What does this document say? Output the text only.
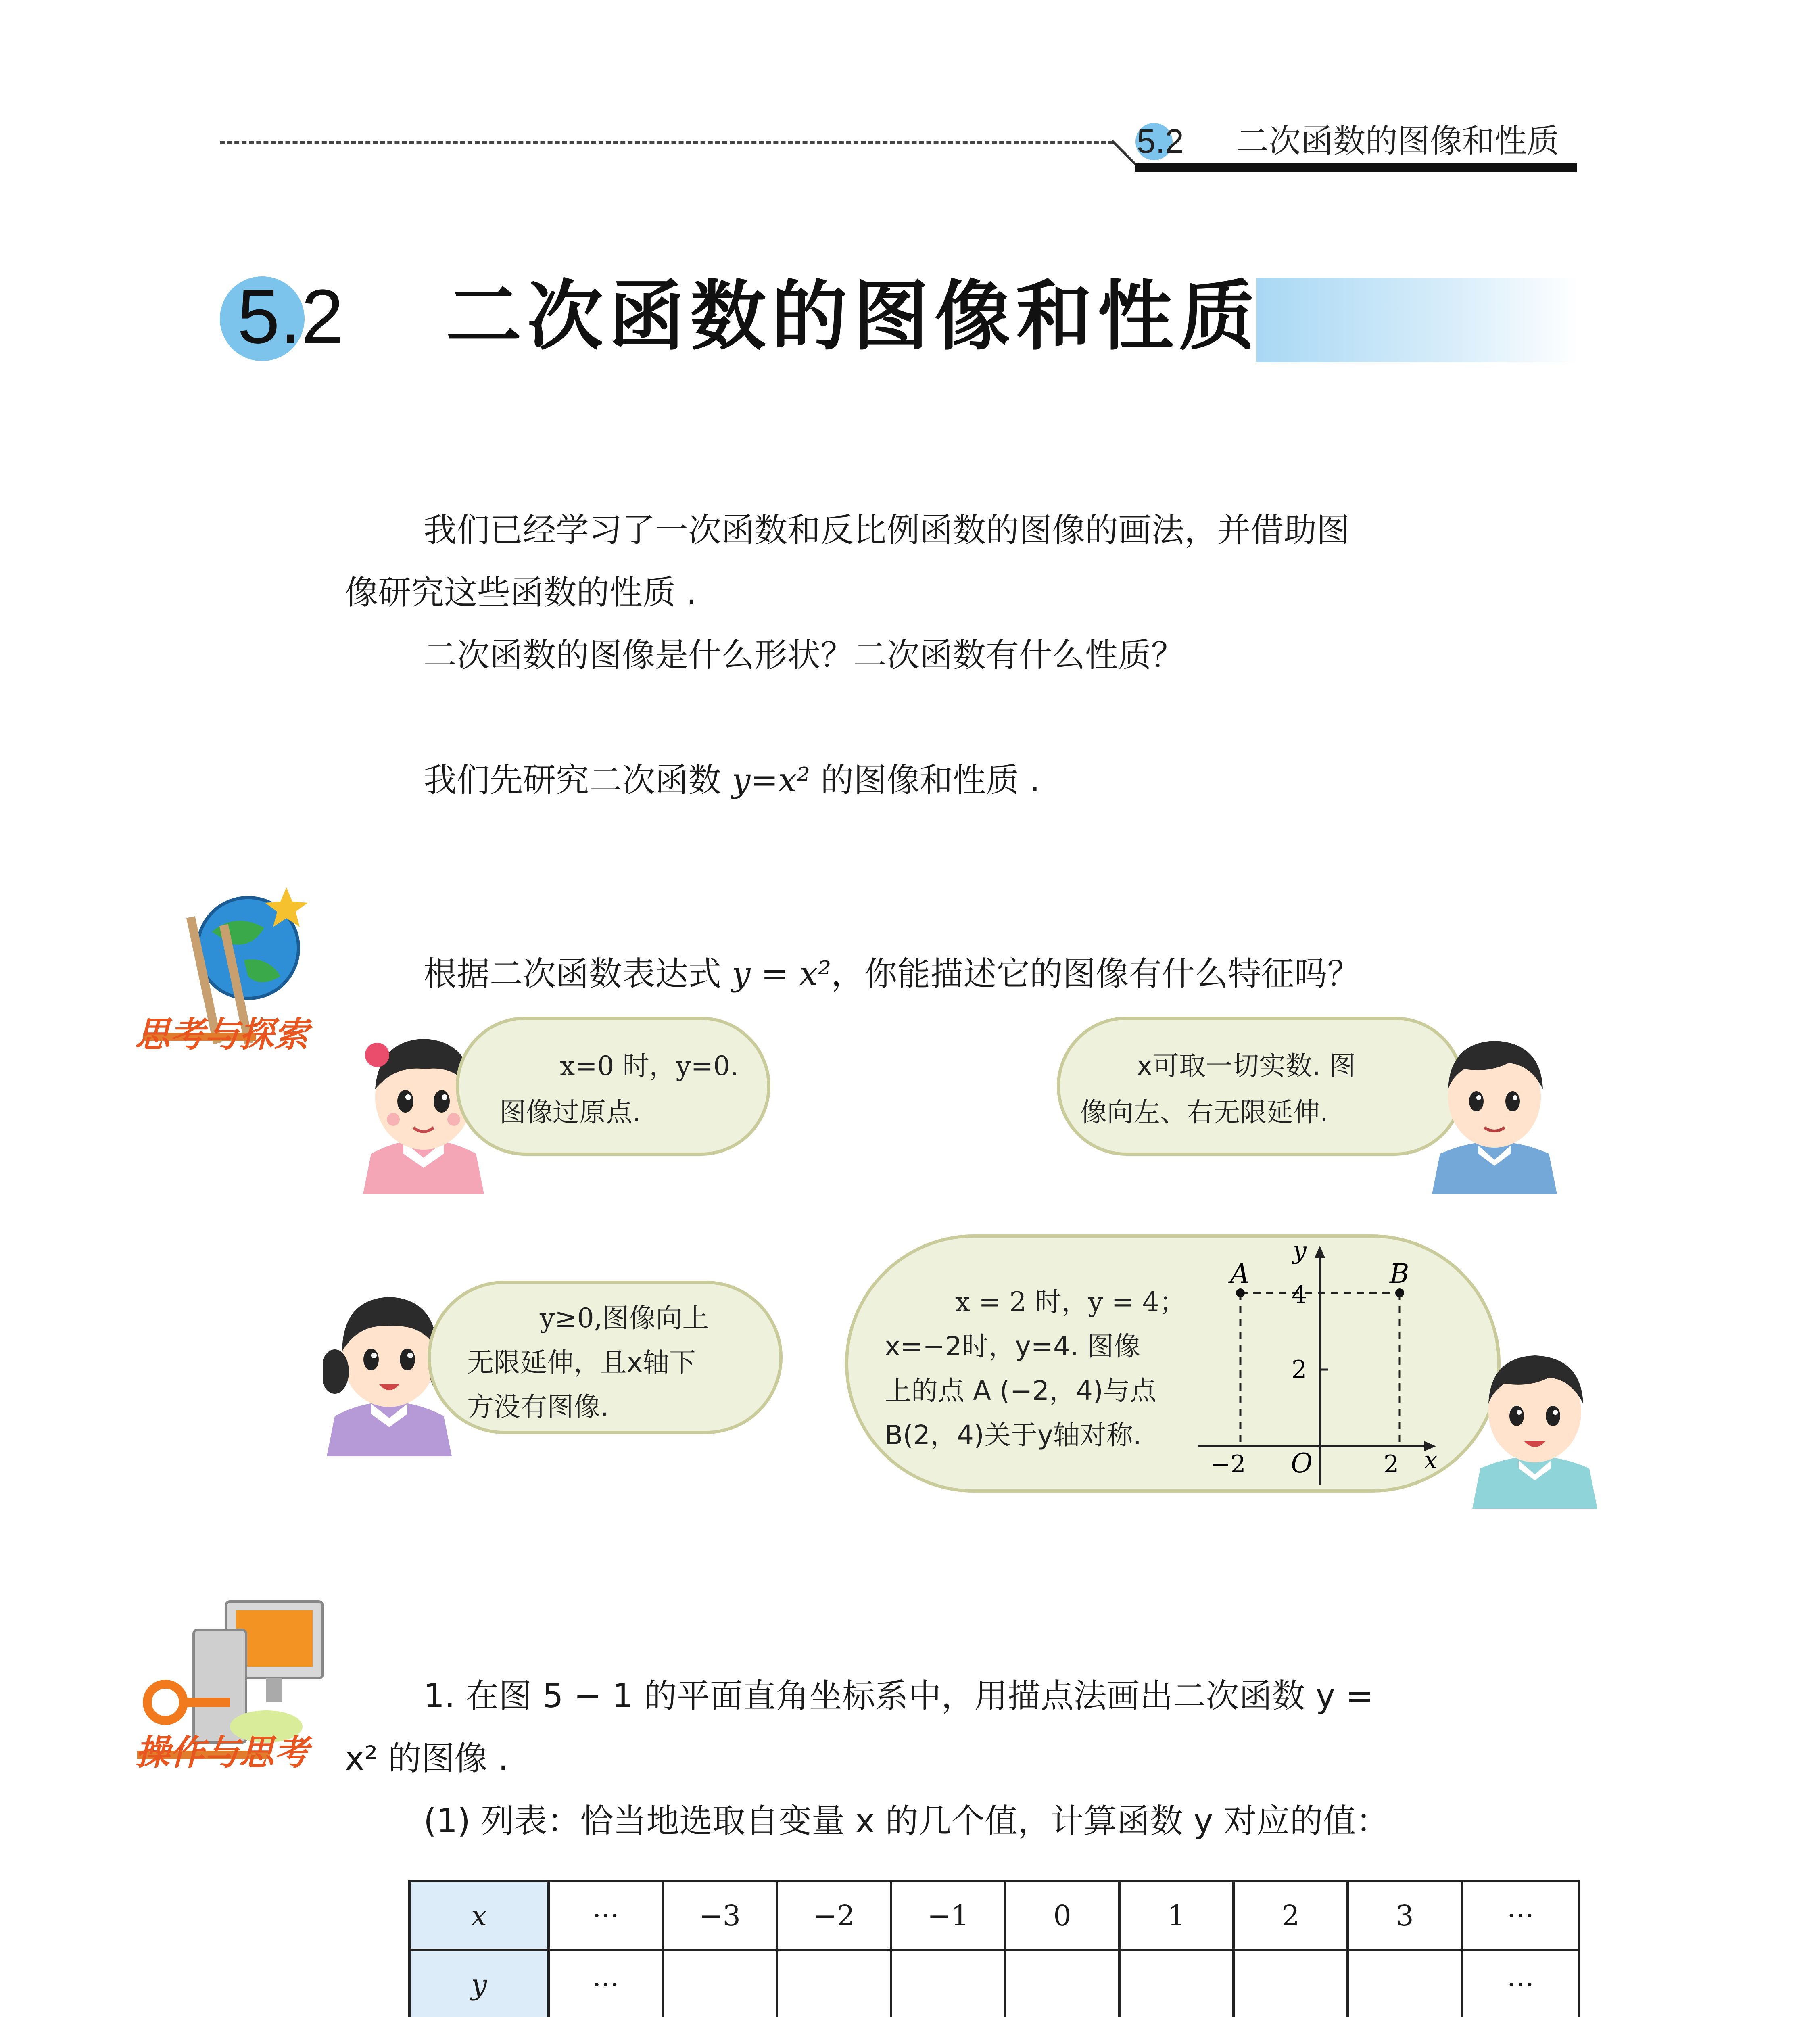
5.2 二次函数的图像和性质
5.2 二次函数的图像和性质
我们已经学习了一次函数和反比例函数的图像的画法，并借助图
像研究这些函数的性质 .
二次函数的图像是什么形状？二次函数有什么性质？
我们先研究二次函数 y=x² 的图像和性质 .
思考与探索
根据二次函数表达式 y = x²，你能描述它的图像有什么特征吗？
x=0 时，y=0.
图像过原点.
x可取一切实数. 图
像向左、右无限延伸.
y≥0,图像向上
无限延伸，且x轴下
方没有图像.
x = 2 时，y = 4；
x=−2时，y=4. 图像
上的点 A (−2，4)与点
B(2，4)关于y轴对称.
A	B
O	x
y
4
2
−2	2
操作与思考
1. 在图 5 − 1 的平面直角坐标系中，用描点法画出二次函数 y =
x² 的图像 .
(1) 列表：恰当地选取自变量 x 的几个值，计算函数 y 对应的值：
x	···	−3	−2	−1	0	1	2	3	···
y	···								···
